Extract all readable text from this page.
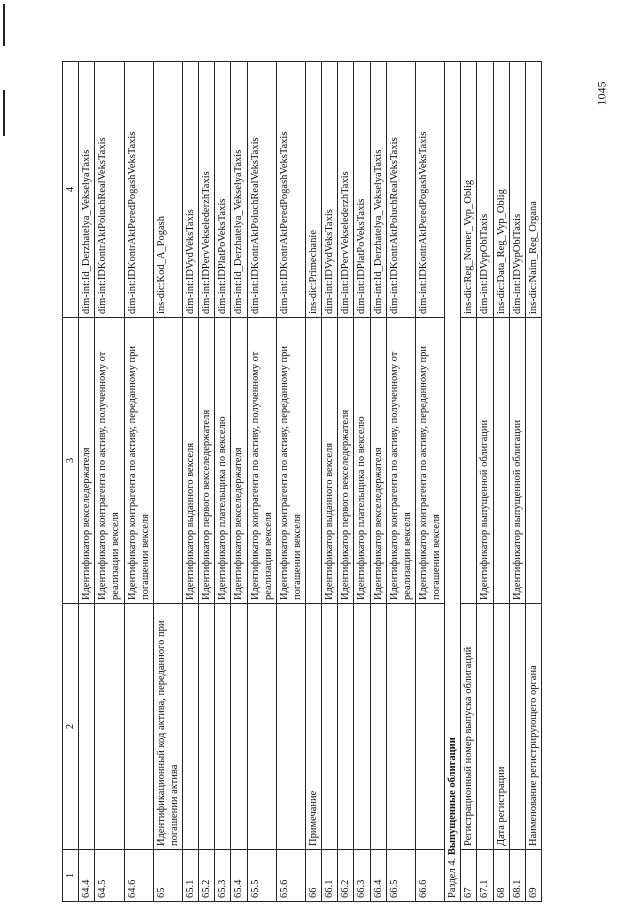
1045
1	2	3	4
64.4		Идентификатор векселедержателя	dim-int:Id_Derzhatelya_VekselyaTaxis
64.5		Идентификатор контрагента по активу, полученному от реализации векселя	dim-int:IDKontrAktPoluchRealVeksTaxis
64.6		Идентификатор контрагента по активу, переданному при погашении векселя	dim-int:IDKontrAktPeredPogashVeksTaxis
65	Идентификационный код актива, переданного при погашении актива		ins-dic:Kod_A_Pogash
65.1		Идентификатор выданного векселя	dim-int:IDVydVeksTaxis
65.2		Идентификатор первого векселедержателя	dim-int:IDPervVekselederzhTaxis
65.3		Идентификатор плательщика по векселю	dim-int:IDPlatPoVeksTaxis
65.4		Идентификатор векселедержателя	dim-int:Id_Derzhatelya_VekselyaTaxis
65.5		Идентификатор контрагента по активу, полученному от реализации векселя	dim-int:IDKontrAktPoluchRealVeksTaxis
65.6		Идентификатор контрагента по активу, переданному при погашении векселя	dim-int:IDKontrAktPeredPogashVeksTaxis
66	Примечание		ins-dic:Primechanie
66.1		Идентификатор выданного векселя	dim-int:IDVydVeksTaxis
66.2		Идентификатор первого векселедержателя	dim-int:IDPervVekselederzhTaxis
66.3		Идентификатор плательщика по векселю	dim-int:IDPlatPoVeksTaxis
66.4		Идентификатор векселедержателя	dim-int:Id_Derzhatelya_VekselyaTaxis
66.5		Идентификатор контрагента по активу, полученному от реализации векселя	dim-int:IDKontrAktPoluchRealVeksTaxis
66.6		Идентификатор контрагента по активу, переданному при погашении векселя	dim-int:IDKontrAktPeredPogashVeksTaxis
Раздел 4. Выпущенные облигации			
67	Регистрационный номер выпуска облигаций		ins-dic:Reg_Nomer_Vyp_Oblig
67.1		Идентификатор выпущенной облигации	dim-int:IDVypOblTaxis
68	Дата регистрации		ins-dic:Data_Reg_Vyp_Oblig
68.1		Идентификатор выпущенной облигации	dim-int:IDVypOblTaxis
69	Наименование регистрирующего органа		ins-dic:Naim_Reg_Organa
